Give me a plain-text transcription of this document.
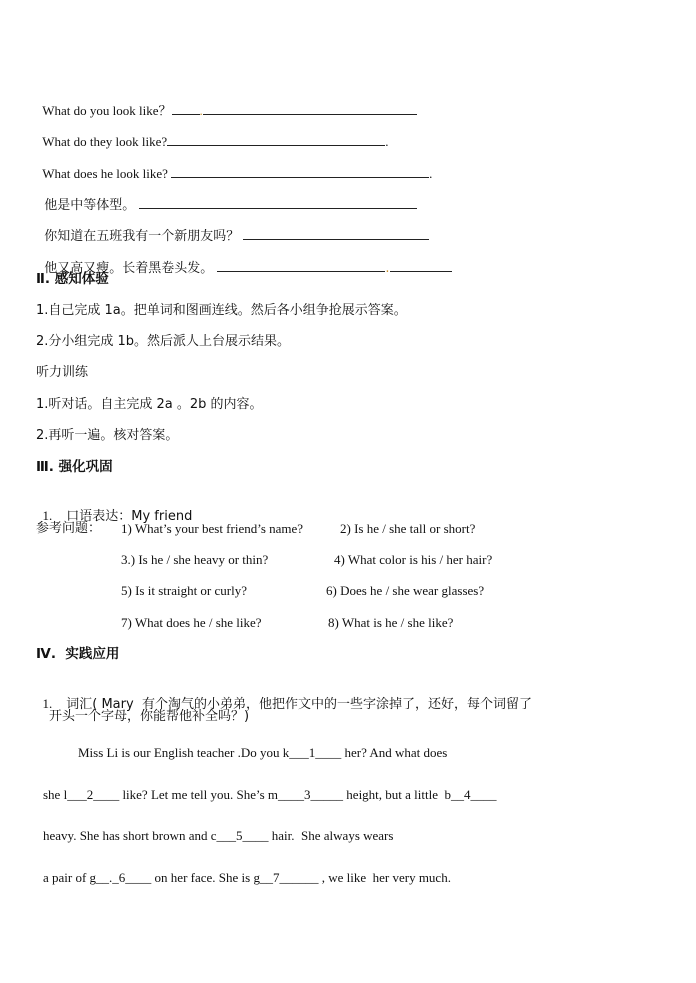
What do you look like？ .

What do they look like?	.

What does he look like?	.

他是中等体型。

你知道在五班我有一个新朋友吗？

他又高又瘦。长着黑卷头发。	.

Ⅱ. 感知体验
1.自己完成 1a。把单词和图画连线。然后各小组争抢展示答案。
2.分小组完成 1b。然后派人上台展示结果。
听力训练
1.听对话。自主完成 2a 。2b 的内容。
2.再听一遍。核对答案。
Ⅲ. 强化巩固

1. 口语表达：My friend

参考问题： 1) What’s your best friend’s name?	2) Is he / she tall or short?
3.) Is he / she heavy or thin?	4) What color is his / her hair?
5) Is it straight or curly?	6) Does he / she wear glasses?
7) What does he / she like?	8) What is he / she like?
Ⅳ.  实践应用

1. 词汇( Mary  有个淘气的小弟弟，他把作文中的一些字涂掉了，还好，每个词留了

开头一个字母，你能帮他补全吗？)
Miss Li is our English teacher .Do you k___1____ her? And what does
she l___2____ like? Let me tell you. She’s m____3_____ height, but a little  b__4____
heavy. She has short brown and c___5____ hair.  She always wears
a pair of g__._6____ on her face. She is g__7______ , we like  her very much.
